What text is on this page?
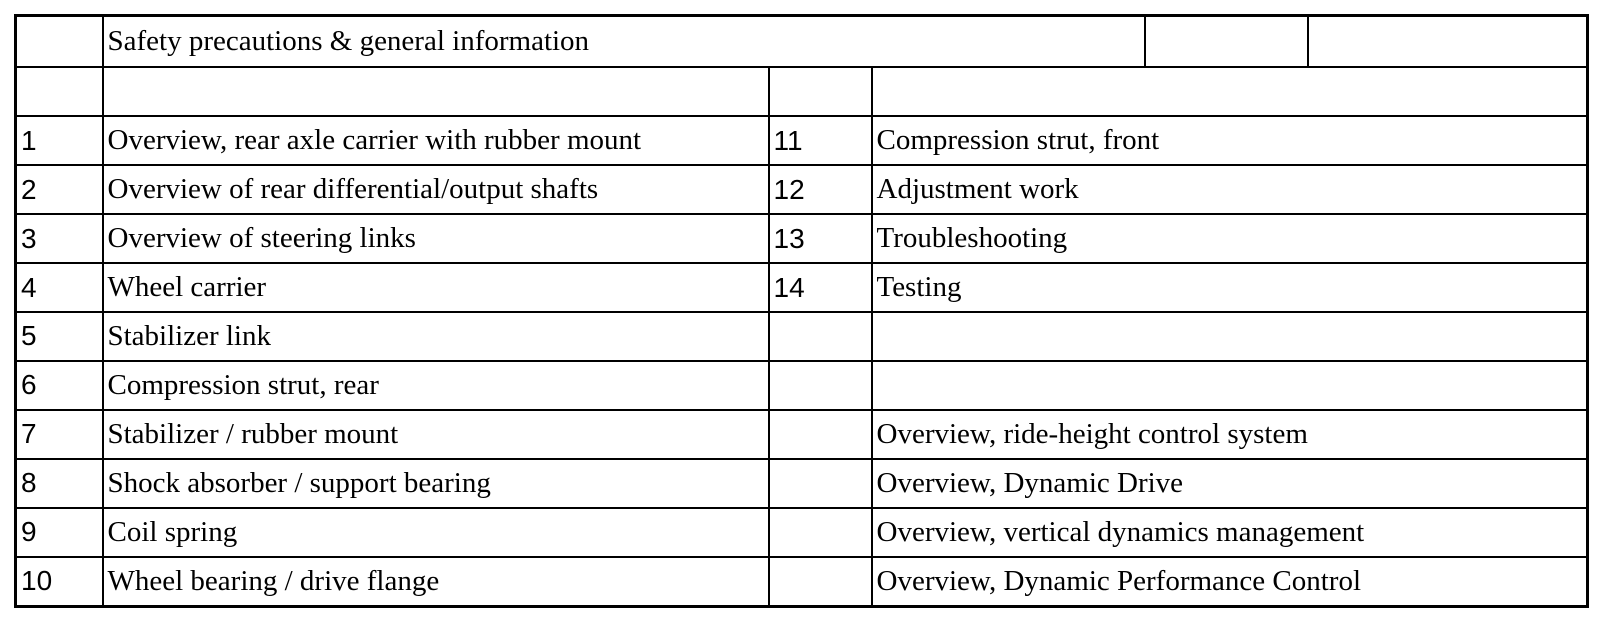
	Safety precautions & general information		

1	Overview, rear axle carrier with rubber mount	11	Compression strut, front
2	Overview of rear differential/output shafts	12	Adjustment work
3	Overview of steering links	13	Troubleshooting
4	Wheel carrier	14	Testing
5	Stabilizer link		
6	Compression strut, rear		
7	Stabilizer / rubber mount		Overview, ride-height control system
8	Shock absorber / support bearing		Overview, Dynamic Drive
9	Coil spring		Overview, vertical dynamics management
10	Wheel bearing / drive flange		Overview, Dynamic Performance Control
